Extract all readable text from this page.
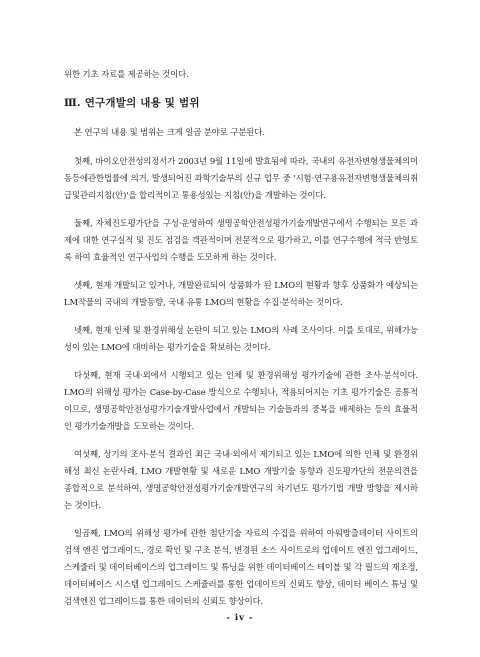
위한 기초 자료를 제공하는 것이다.

Ⅲ. 연구개발의 내용 및 범위

본 연구의 내용 및 범위는 크게 일곱 분야로 구분된다.

첫째, 바이오안전성의정서가 2003년 9월 11일에 발효됨에 따라, 국내의 유전자변형생물체의이동등에관한법률에 의거, 발생되어진 과학기술부의 신규 업무 중 '시험·연구용유전자변형생물체의취급및관리지침(안)'을 합리적이고 통용성있는 지침(안)을 개발하는 것이다.

둘째, 자체진도평가단을 구성·운영하여 생명공학안전성평가기술개발연구에서 수행되는 모든 과제에 대한 연구실적 및 진도 점검을 객관적이며 전문적으로 평가하고, 이를 연구수행에 적극 반영토록 하여 효율적인 연구사업의 수행을 도모하게 하는 것이다.

셋째, 현재 개발되고 있거나, 개발완료되어 상품화가 된 LMO의 현황과 향후 상품화가 예상되는 LM작물의 국내의 개발동향, 국내 유통 LMO의 현황을 수집·분석하는 것이다.

넷째, 현재 인체 및 환경위해성 논란이 되고 있는 LMO의 사례 조사이다. 이를 토대로, 위해가능성이 있는 LMO에 대비하는 평가기술을 확보하는 것이다.

다섯째, 현재 국내·외에서 시행되고 있는 인체 및 환경위해성 평가기술에 관한 조사·분석이다. LMO의 위해성 평가는 Case-by-Case 방식으로 수행되나, 적용되어지는 기초 평가기술은 공통적이므로, 생명공학안전성평가기술개발사업에서 개발되는 기술들과의 중복을 배제하는 등의 효율적인 평가기술개발을 도모하는 것이다.

여섯째, 상기의 조사·분석 결과인 최근 국내·외에서 제기되고 있는 LMO에 의한 인체 및 환경위해성 최신 논란사례, LMO 개발현황 및 새로운 LMO 개발기술 동향과 진도평가단의 전문의견을 종합적으로 분석하여, 생명공학안전성평가기술개발연구의 차기년도 평가기법 개발 방향을 제시하는 것이다.

일곱째, LMO의 위해성 평가에 관한 첨단기술 자료의 수집을 위하여 아워방출데이터 사이트의 검색 엔진 업그레이드, 경로 확인 및 구조 분석, 변경된 소스 사이트로의 업데이트 엔진 업그레이드, 스케줄러 및 데이터베이스의 업그레이드 및 튜닝을 위한 데이터베이스 테이블 및 각 필드의 재조정, 데이터베이스 시스템 업그레이드 스케쥴러를 통한 업데이트의 신뢰도 향상, 데이터 베이스 튜닝 및 검색엔진 업그레이드를 통한 데이터의 신뢰도 향상이다.

- iv -
